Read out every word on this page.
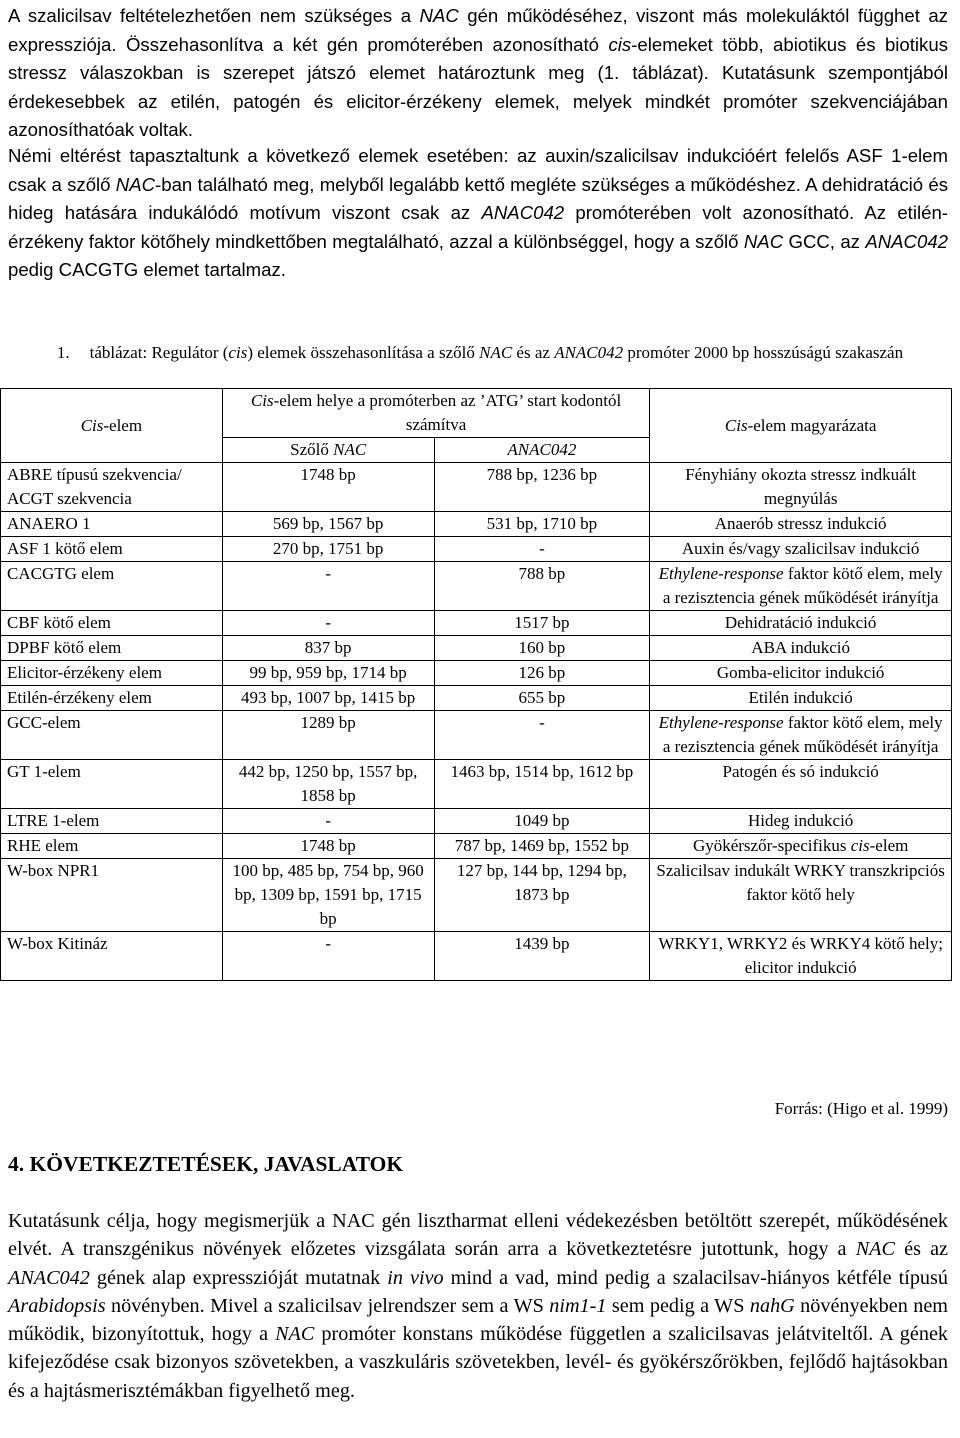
A szalicilsav feltételezhetően nem szükséges a NAC gén működéséhez, viszont más molekuláktól függhet az expressziója. Összehasonlítva a két gén promóterében azonosítható cis-elemeket több, abiotikus és biotikus stressz válaszokban is szerepet játszó elemet határoztunk meg (1. táblázat). Kutatásunk szempontjából érdekesebbek az etilén, patogén és elicitor-érzékeny elemek, melyek mindkét promóter szekvenciájában azonosíthatóak voltak.

Némi eltérést tapasztaltunk a következő elemek esetében: az auxin/szalicilsav indukcióért felelős ASF 1-elem csak a szőlő NAC-ban található meg, melyből legalább kettő megléte szükséges a működéshez. A dehidratáció és hideg hatására indukálódó motívum viszont csak az ANAC042 promóterében volt azonosítható. Az etilén-érzékeny faktor kötőhely mindkettőben megtalálható, azzal a különbséggel, hogy a szőlő NAC GCC, az ANAC042 pedig CACGTG elemet tartalmaz.

1. táblázat: Regulátor (cis) elemek összehasonlítása a szőlő NAC és az ANAC042 promóter 2000 bp hosszúságú szakaszán
Cis-elem	Cis-elem helye a promóterben az ’ATG’ start kodontól számítva		Cis-elem magyarázata
	Szőlő NAC	ANAC042	
ABRE típusú szekvencia/ ACGT szekvencia	1748 bp	788 bp, 1236 bp	Fényhiány okozta stressz indkuált megnyúlás
ANAERO 1	569 bp, 1567 bp	531 bp, 1710 bp	Anaerób stressz indukció
ASF 1 kötő elem	270 bp, 1751 bp	-	Auxin és/vagy szalicilsav indukció
CACGTG elem	-	788 bp	Ethylene-response faktor kötő elem, mely a rezisztencia gének működését irányítja
CBF kötő elem	-	1517 bp	Dehidratáció indukció
DPBF kötő elem	837 bp	160 bp	ABA indukció
Elicitor-érzékeny elem	99 bp, 959 bp, 1714 bp	126 bp	Gomba-elicitor indukció
Etilén-érzékeny elem	493 bp, 1007 bp, 1415 bp	655 bp	Etilén indukció
GCC-elem	1289 bp	-	Ethylene-response faktor kötő elem, mely a rezisztencia gének működését irányítja
GT 1-elem	442 bp, 1250 bp, 1557 bp, 1858 bp	1463 bp, 1514 bp, 1612 bp	Patogén és só indukció
LTRE 1-elem	-	1049 bp	Hideg indukció
RHE elem	1748 bp	787 bp, 1469 bp, 1552 bp	Gyökérszőr-specifikus cis-elem
W-box NPR1	100 bp, 485 bp, 754 bp, 960 bp, 1309 bp, 1591 bp, 1715 bp	127 bp, 144 bp, 1294 bp, 1873 bp	Szalicilsav indukált WRKY transzkripciós faktor kötő hely
W-box Kitináz	-	1439 bp	WRKY1, WRKY2 és WRKY4 kötő hely; elicitor indukció
Forrás: (Higo et al. 1999)
4. KÖVETKEZTETÉSEK, JAVASLATOK

Kutatásunk célja, hogy megismerjük a NAC gén lisztharmat elleni védekezésben betöltött szerepét, működésének elvét. A transzgénikus növények előzetes vizsgálata során arra a következtetésre jutottunk, hogy a NAC és az ANAC042 gének alap expresszióját mutatnak in vivo mind a vad, mind pedig a szalacilsav-hiányos kétféle típusú Arabidopsis növényben. Mivel a szalicilsav jelrendszer sem a WS nim1-1 sem pedig a WS nahG növényekben nem működik, bizonyítottuk, hogy a NAC promóter konstans működése független a szalicilsavas jelátviteltől. A gének kifejeződése csak bizonyos szövetekben, a vaszkuláris szövetekben, levél- és gyökérszőrökben, fejlődő hajtásokban és a hajtásmerisztémákban figyelhető meg.
